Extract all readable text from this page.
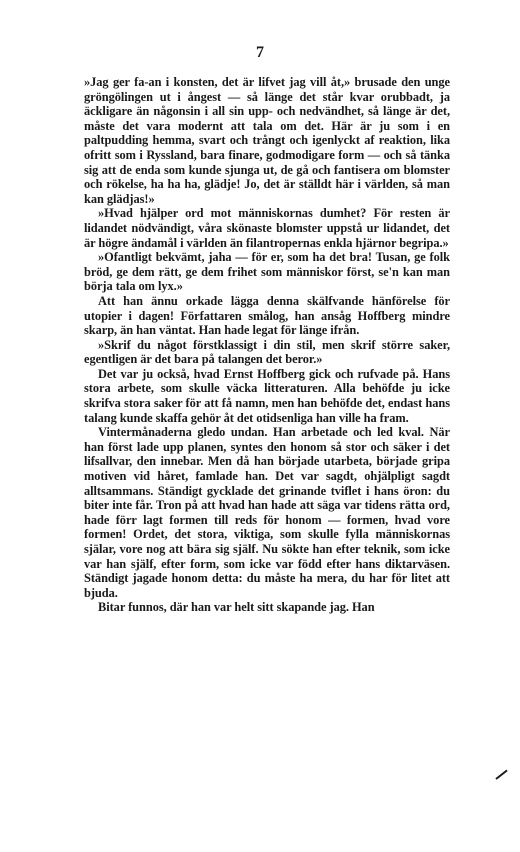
7

»Jag ger fa-an i konsten, det är lifvet jag vill åt,» brusade den unge gröngölingen ut i ångest — så länge det står kvar orubbadt, ja äckligare än någonsin i all sin upp- och nedvändhet, så länge är det, måste det vara modernt att tala om det. Här är ju som i en paltpudding hemma, svart och trångt och igenlyckt af reaktion, lika ofritt som i Ryssland, bara finare, godmodigare form — och så tänka sig att de enda som kunde sjunga ut, de gå och fantisera om blomster och rökelse, ha ha ha, glädje! Jo, det är ställdt här i världen, så man kan glädjas!»

»Hvad hjälper ord mot människornas dumhet? För resten är lidandet nödvändigt, våra skönaste blomster uppstå ur lidandet, det är högre ändamål i världen än filantropernas enkla hjärnor begripa.»

»Ofantligt bekvämt, jaha — för er, som ha det bra! Tusan, ge folk bröd, ge dem rätt, ge dem frihet som människor först, se'n kan man börja tala om lyx.»

Att han ännu orkade lägga denna skälfvande hänförelse för utopier i dagen! Författaren smålog, han ansåg Hoffberg mindre skarp, än han väntat. Han hade legat för länge ifrån.

»Skrif du något förstklassigt i din stil, men skrif större saker, egentligen är det bara på talangen det beror.»

Det var ju också, hvad Ernst Hoffberg gick och rufvade på. Hans stora arbete, som skulle väcka litteraturen. Alla behöfde ju icke skrifva stora saker för att få namn, men han behöfde det, endast hans talang kunde skaffa gehör åt det otidsenliga han ville ha fram.

Vintermånaderna gledo undan. Han arbetade och led kval. När han först lade upp planen, syntes den honom så stor och säker i det lifsallvar, den innebar. Men då han började utarbeta, började gripa motiven vid håret, famlade han. Det var sagdt, ohjälpligt sagdt alltsammans. Ständigt gycklade det grinande tviflet i hans öron: du biter inte får. Tron på att hvad han hade att säga var tidens rätta ord, hade förr lagt formen till reds för honom — formen, hvad vore formen! Ordet, det stora, viktiga, som skulle fylla människornas själar, vore nog att bära sig själf. Nu sökte han efter teknik, som icke var han själf, efter form, som icke var född efter hans diktarväsen. Ständigt jagade honom detta: du måste ha mera, du har för litet att bjuda.

Bitar funnos, där han var helt sitt skapande jag. Han
